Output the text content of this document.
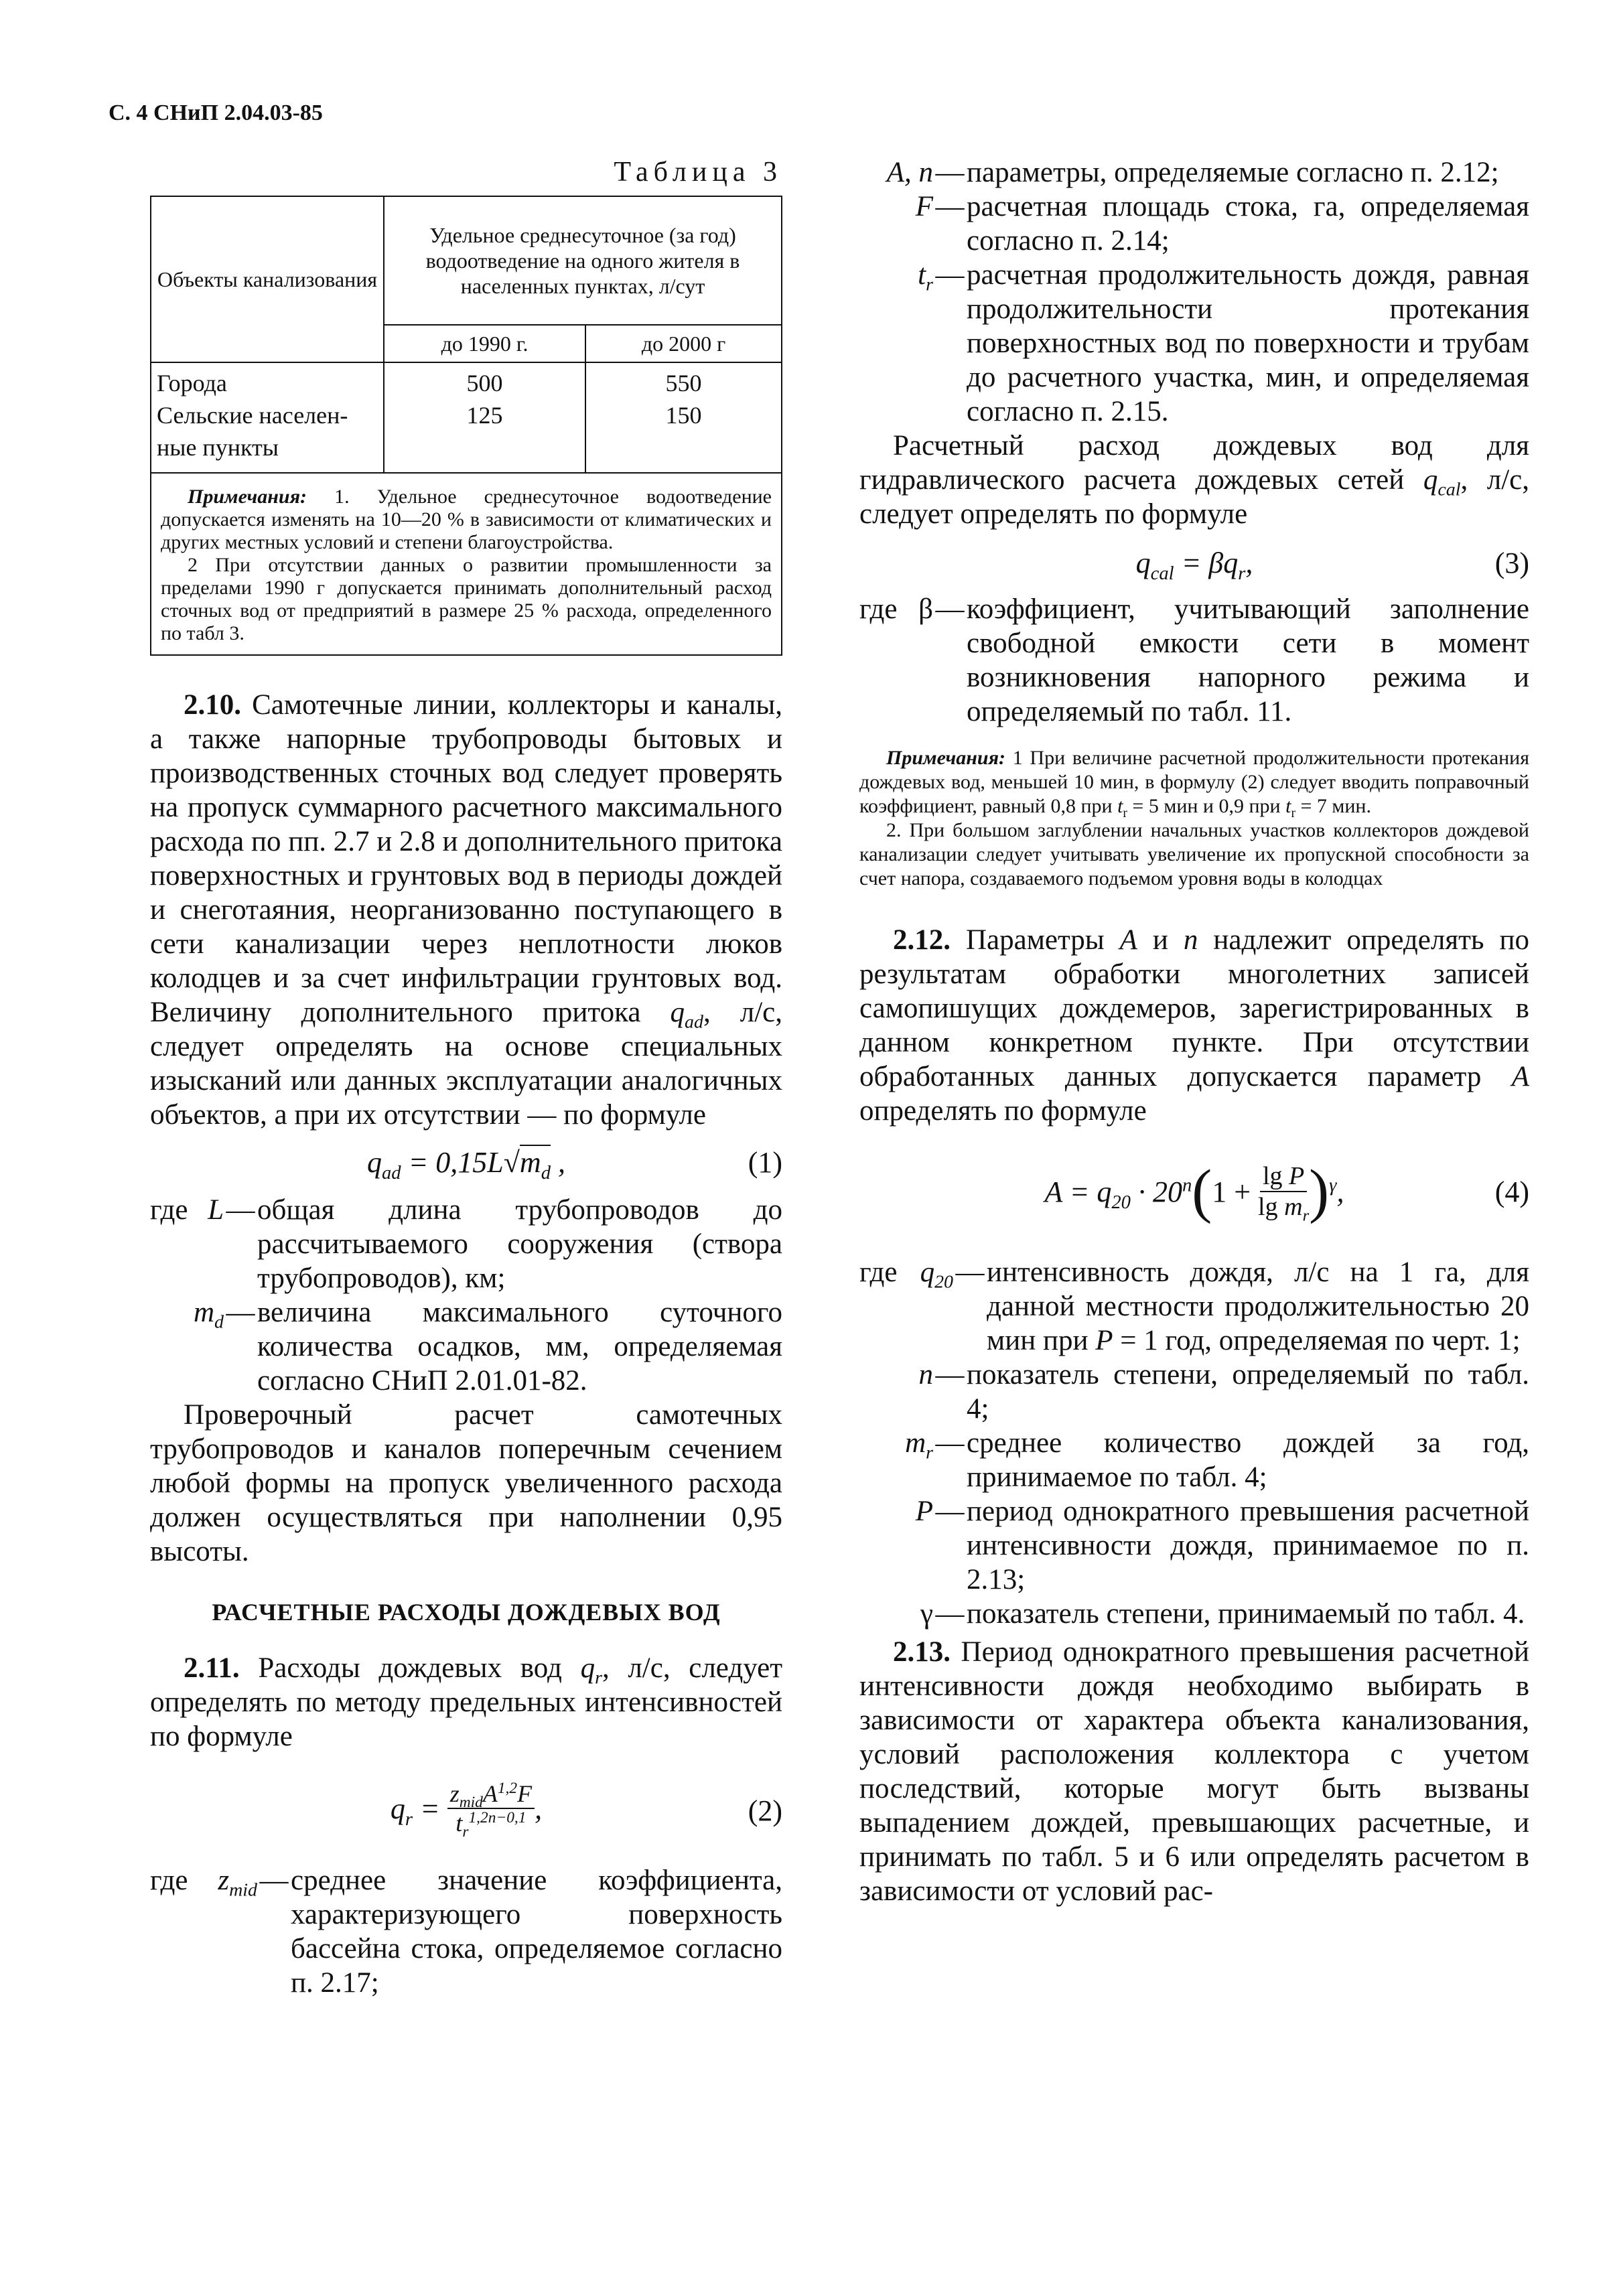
С. 4 СНиП 2.04.03-85
Таблица 3
Объекты канализования	Удельное среднесуточное (за год) водоотведение на одного жителя в населенных пунктах, л/сут	
	до 1990 г.	до 2000 г
Города	500	550
Сельские населен-ные пункты	125	150

Примечания: 1. Удельное среднесуточное водоотведение допускается изменять на 10—20 % в зависимости от климатических и других местных условий и степени благоустройства.

2 При отсутствии данных о развитии промышленности за пределами 1990 г допускается принимать дополнительный расход сточных вод от предприятий в размере 25 % расхода, определенного по табл 3.

2.10. Самотечные линии, коллекторы и каналы, а также напорные трубопроводы бытовых и производственных сточных вод следует проверять на пропуск суммарного расчетного максимального расхода по пп. 2.7 и 2.8 и дополнительного притока поверхностных и грунтовых вод в периоды дождей и снеготаяния, неорганизованно поступающего в сети канализации через неплотности люков колодцев и за счет инфильтрации грунтовых вод. Величину дополнительного притока $q_{ad}$, л/с, следует определять на основе специальных изысканий или данных эксплуатации аналогичных объектов, а при их отсутствии — по формуле

$q_{ad} = 0,15L√m_d$ ,	(1)
где L — общая длина трубопроводов до рассчитываемого сооружения (створа трубопроводов), км;
$m_d$ — величина максимального суточного количества осадков, мм, определяемая согласно СНиП 2.01.01-82.

Проверочный расчет самотечных трубопроводов и каналов поперечным сечением любой формы на пропуск увеличенного расхода должен осуществляться при наполнении 0,95 высоты.

РАСЧЕТНЫЕ РАСХОДЫ ДОЖДЕВЫХ ВОД

2.11. Расходы дождевых вод $q_r$, л/с, следует определять по методу предельных интенсивностей по формуле

$q_r = z_{mid}A^{1,2}F$
$t_r^{1,2n-0,1}$ ,	(2)
где	$z_{mid}$ — среднее значение коэффициента, характеризующего поверхность бассейна стока, определяемое согласно п. 2.17;
A, n — параметры, определяемые согласно п. 2.12;
F — расчетная площадь стока, га, определяемая согласно п. 2.14;
$t_r$ — расчетная продолжительность дождя, равная продолжительности протекания поверхностных вод по поверхности и трубам до расчетного участка, мин, и определяемая согласно п. 2.15.

Расчетный расход дождевых вод для гидравлического расчета дождевых сетей $q_{cal}$, л/с, следует определять по формуле

$q_{cal} = \beta q_r$,	(3)
где β — коэффициент, учитывающий заполнение свободной емкости сети в момент возникновения напорного режима и определяемый по табл. 11.

Примечания: 1 При величине расчетной продолжительности протекания дождевых вод, меньшей 10 мин, в формулу (2) следует вводить поправочный коэффициент, равный 0,8 при $t_r = 5$ мин и 0,9 при $t_r = 7$ мин.

2. При большом заглублении начальных участков коллекторов дождевой канализации следует учитывать увеличение их пропускной способности за счет напора, создаваемого подъемом уровня воды в колодцах

2.12. Параметры A и n надлежит определять по результатам обработки многолетних записей самопишущих дождемеров, зарегистрированных в данном конкретном пункте. При отсутствии обработанных данных допускается параметр A определять по формуле

$A = q_{20} \cdot 20^n$ ( $1 + \frac{\text{lg P}}{\lg m_r}$ ) $^\gamma$,	(4)
где $q_{20}$ — интенсивность дождя, л/с на 1 га, для данной местности продолжительностью 20 мин при P = 1 год, определяемая по черт. 1;
n — показатель степени, определяемый по табл. 4;
$m_r$ — среднее количество дождей за год, принимаемое по табл. 4;
P — период однократного превышения расчетной интенсивности дождя, принимаемое по п. 2.13;
γ — показатель степени, принимаемый по табл. 4.

2.13. Период однократного превышения расчетной интенсивности дождя необходимо выбирать в зависимости от характера объекта канализования, условий расположения коллектора с учетом последствий, которые могут быть вызваны выпадением дождей, превышающих расчетные, и принимать по табл. 5 и 6 или определять расчетом в зависимости от условий рас-
